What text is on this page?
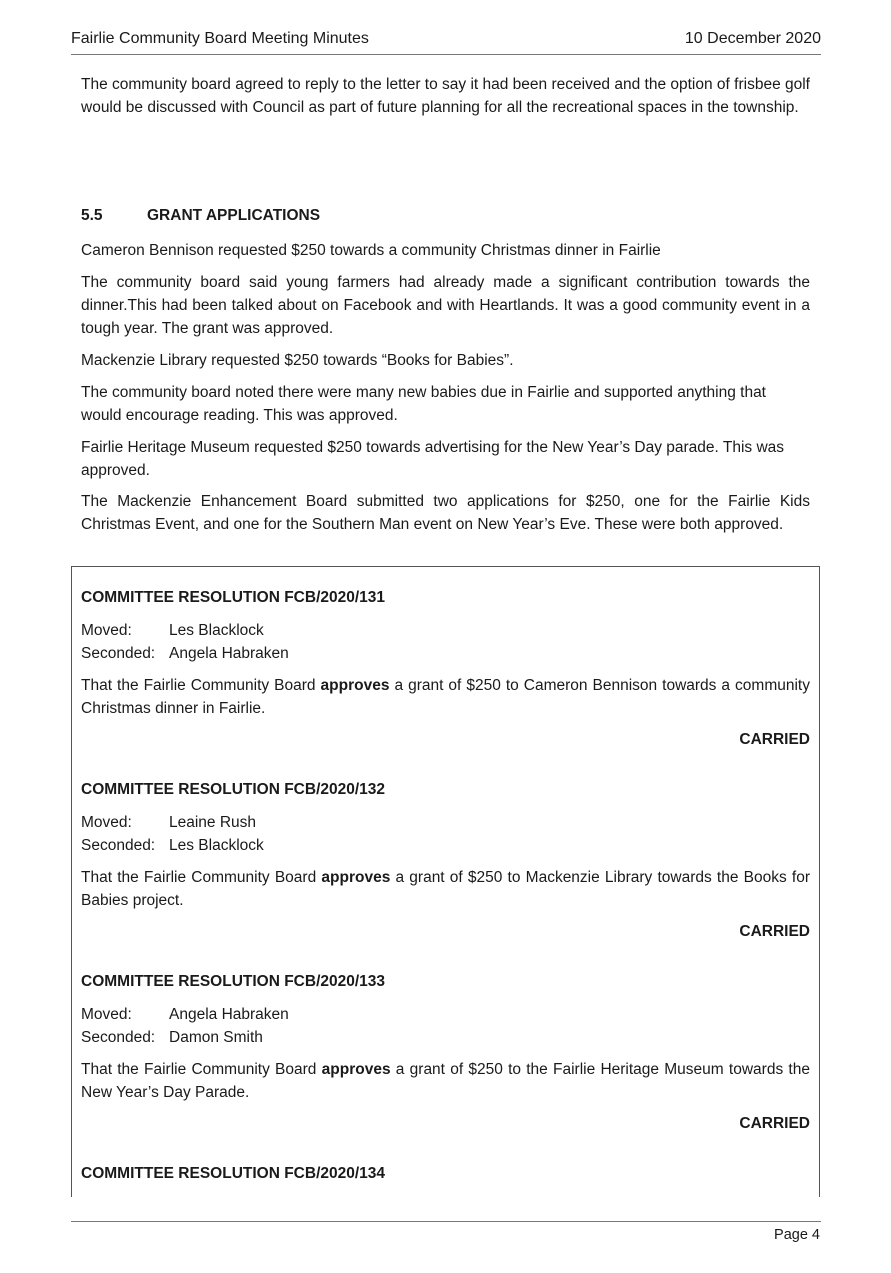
Fairlie Community Board Meeting Minutes	10 December 2020

The community board agreed to reply to the letter to say it had been received and the option of frisbee golf would be discussed with Council as part of future planning for all the recreational spaces in the township.

5.5	GRANT APPLICATIONS

Cameron Bennison requested $250 towards a community Christmas dinner in Fairlie

The community board said young farmers had already made a significant contribution towards the dinner.This had been talked about on Facebook and with Heartlands. It was a good community event in a tough year. The grant was approved.

Mackenzie Library requested $250 towards “Books for Babies”.

The community board noted there were many new babies due in Fairlie and supported anything that would encourage reading. This was approved.

Fairlie Heritage Museum requested $250 towards advertising for the New Year’s Day parade. This was approved.

The Mackenzie Enhancement Board submitted two applications for $250, one for the Fairlie Kids Christmas Event, and one for the Southern Man event on New Year’s Eve. These were both approved.

COMMITTEE RESOLUTION FCB/2020/131
Moved: Les Blacklock
Seconded: Angela Habraken

That the Fairlie Community Board approves a grant of $250 to Cameron Bennison towards a community Christmas dinner in Fairlie.

CARRIED
COMMITTEE RESOLUTION FCB/2020/132
Moved: Leaine Rush
Seconded: Les Blacklock

That the Fairlie Community Board approves a grant of $250 to Mackenzie Library towards the Books for Babies project.

CARRIED
COMMITTEE RESOLUTION FCB/2020/133
Moved: Angela Habraken
Seconded: Damon Smith

That the Fairlie Community Board approves a grant of $250 to the Fairlie Heritage Museum towards the New Year’s Day Parade.

CARRIED
COMMITTEE RESOLUTION FCB/2020/134
Page 4
